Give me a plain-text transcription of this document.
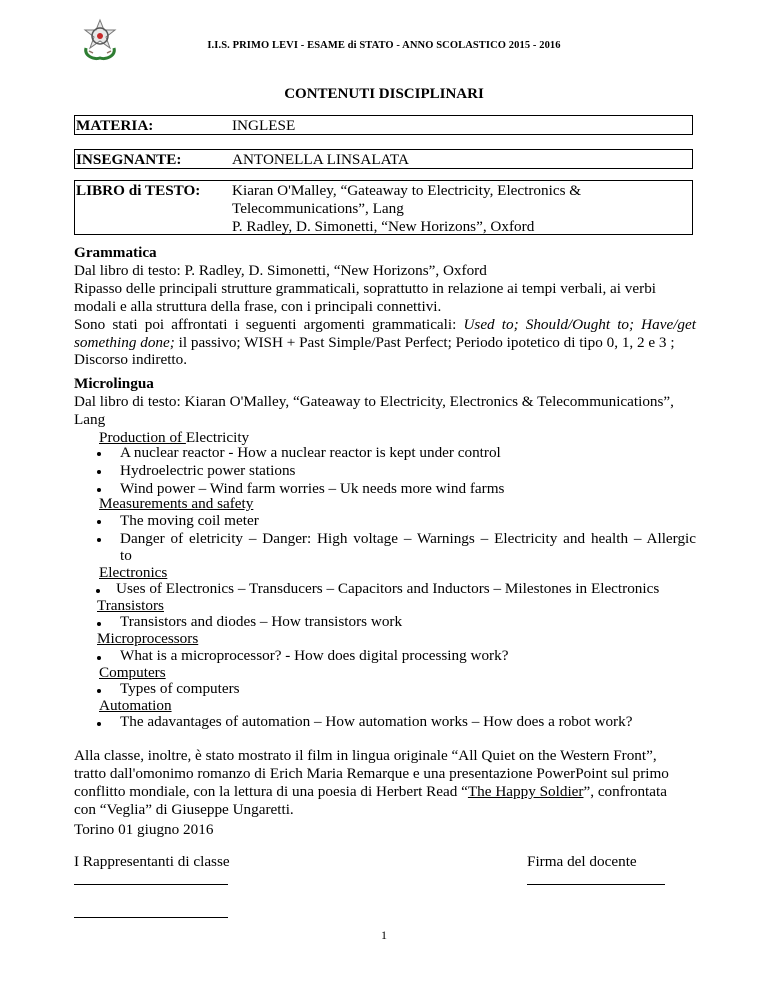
I.I.S. PRIMO LEVI - ESAME di STATO - ANNO SCOLASTICO 2015 - 2016
CONTENUTI DISCIPLINARI
MATERIA:	INGLESE
INSEGNANTE:	ANTONELLA LINSALATA
LIBRO di TESTO: Kiaran O'Malley, “Gateaway to Electricity, Electronics &
Telecommunications”, Lang
P. Radley, D. Simonetti, “New Horizons”, Oxford
Grammatica
Dal libro di testo: P. Radley, D. Simonetti, “New Horizons”, Oxford
Ripasso delle principali strutture grammaticali, soprattutto in relazione ai tempi verbali, ai verbi
modali e alla struttura della frase, con i principali connettivi.
Sono stati poi affrontati i seguenti argomenti grammaticali: Used to; Should/Ought to; Have/get
something done; il passivo; WISH + Past Simple/Past Perfect; Periodo ipotetico di tipo 0, 1, 2 e 3 ;
Discorso indiretto.
Microlingua
Dal libro di testo: Kiaran O'Malley, “Gateaway to Electricity, Electronics & Telecommunications”,
Lang
Production of Electricity
A nuclear reactor - How a nuclear reactor is kept under control
Hydroelectric power stations
Wind power – Wind farm worries – Uk needs more wind farms
Measurements and safety
The moving coil meter
Danger of eletricity – Danger: High voltage – Warnings – Electricity and health – Allergic
to
Electronics
Uses of Electronics – Transducers – Capacitors and Inductors – Milestones in Electronics
Transistors
Transistors and diodes – How transistors work
Microprocessors
What is a microprocessor? - How does digital processing work?
Computers
Types of computers
Automation
The adavantages of automation – How automation works – How does a robot work?
Alla classe, inoltre, è stato mostrato il film in lingua originale “All Quiet on the Western Front”,
tratto dall'omonimo romanzo di Erich Maria Remarque e una presentazione PowerPoint sul primo
conflitto mondiale, con la lettura di una poesia di Herbert Read “The Happy Soldier”, confrontata
con “Veglia” di Giuseppe Ungaretti.
Torino 01 giugno 2016
I Rappresentanti di classe	Firma del docente
1
